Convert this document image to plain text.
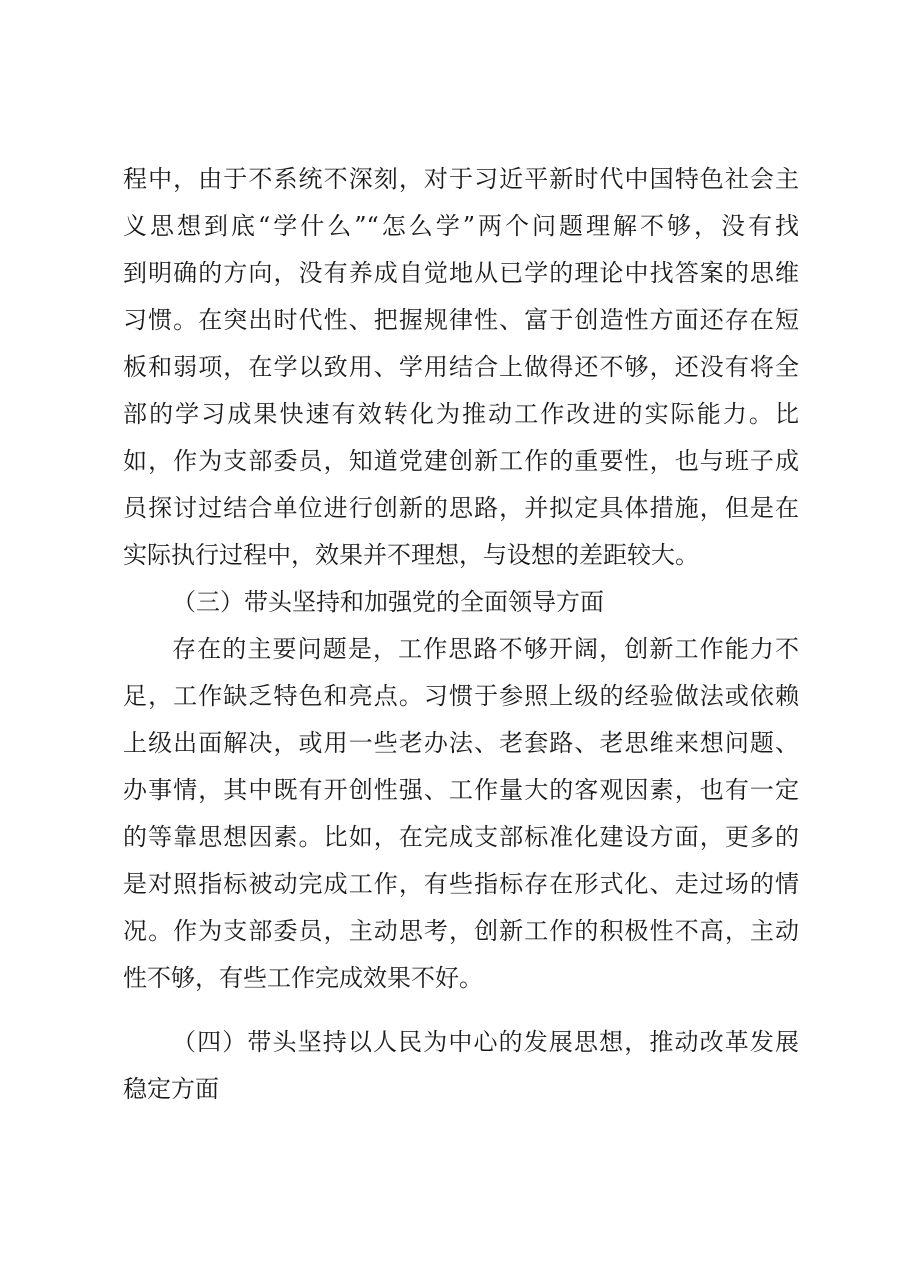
程中，由于不系统不深刻，对于习近平新时代中国特色社会主
义思想到底“学什么”“怎么学”两个问题理解不够，没有找
到明确的方向，没有养成自觉地从已学的理论中找答案的思维
习惯。在突出时代性、把握规律性、富于创造性方面还存在短
板和弱项，在学以致用、学用结合上做得还不够，还没有将全
部的学习成果快速有效转化为推动工作改进的实际能力。比
如，作为支部委员，知道党建创新工作的重要性，也与班子成
员探讨过结合单位进行创新的思路，并拟定具体措施，但是在
实际执行过程中，效果并不理想，与设想的差距较大。
（三）带头坚持和加强党的全面领导方面
存在的主要问题是，工作思路不够开阔，创新工作能力不
足，工作缺乏特色和亮点。习惯于参照上级的经验做法或依赖
上级出面解决，或用一些老办法、老套路、老思维来想问题、
办事情，其中既有开创性强、工作量大的客观因素，也有一定
的等靠思想因素。比如，在完成支部标准化建设方面，更多的
是对照指标被动完成工作，有些指标存在形式化、走过场的情
况。作为支部委员，主动思考，创新工作的积极性不高，主动
性不够，有些工作完成效果不好。
（四）带头坚持以人民为中心的发展思想，推动改革发展
稳定方面
